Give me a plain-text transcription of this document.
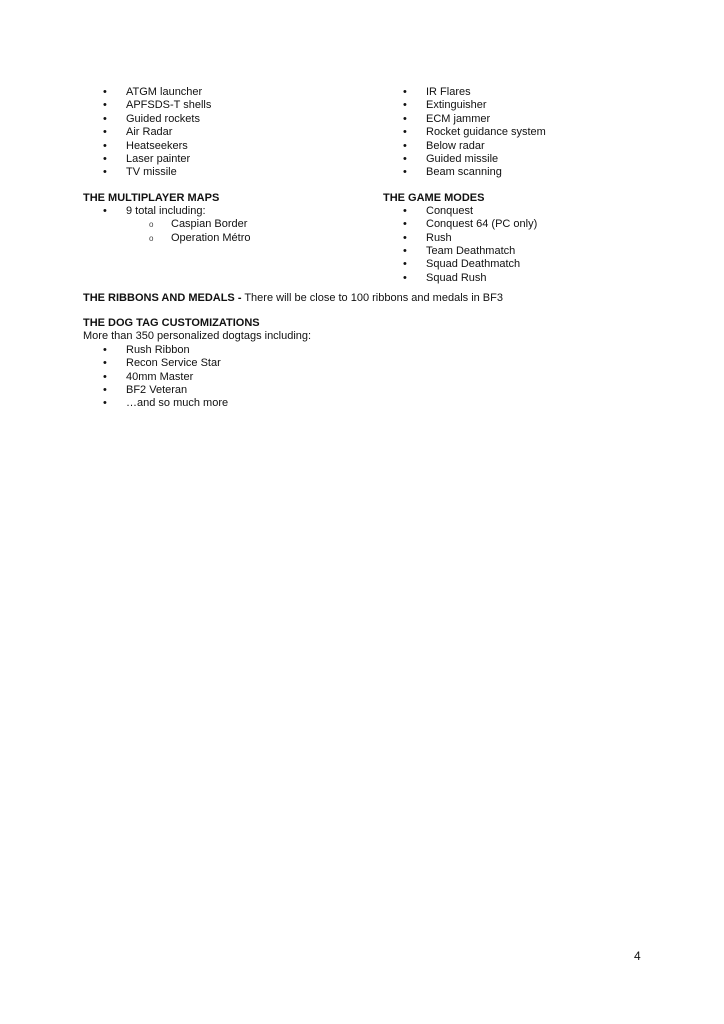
• ATGM launcher
• APFSDS-T shells
• Guided rockets
• Air Radar
• Heatseekers
• Laser painter
• TV missile
THE MULTIPLAYER MAPS
• 9 total including:
o Caspian Border
o Operation Métro
• IR Flares
• Extinguisher
• ECM jammer
• Rocket guidance system
• Below radar
• Guided missile
• Beam scanning
THE GAME MODES
• Conquest
• Conquest 64 (PC only)
• Rush
• Team Deathmatch
• Squad Deathmatch
• Squad Rush
THE RIBBONS AND MEDALS - There will be close to 100 ribbons and medals in BF3
THE DOG TAG CUSTOMIZATIONS
More than 350 personalized dogtags including:
• Rush Ribbon
• Recon Service Star
• 40mm Master
• BF2 Veteran
• …and so much more
4
